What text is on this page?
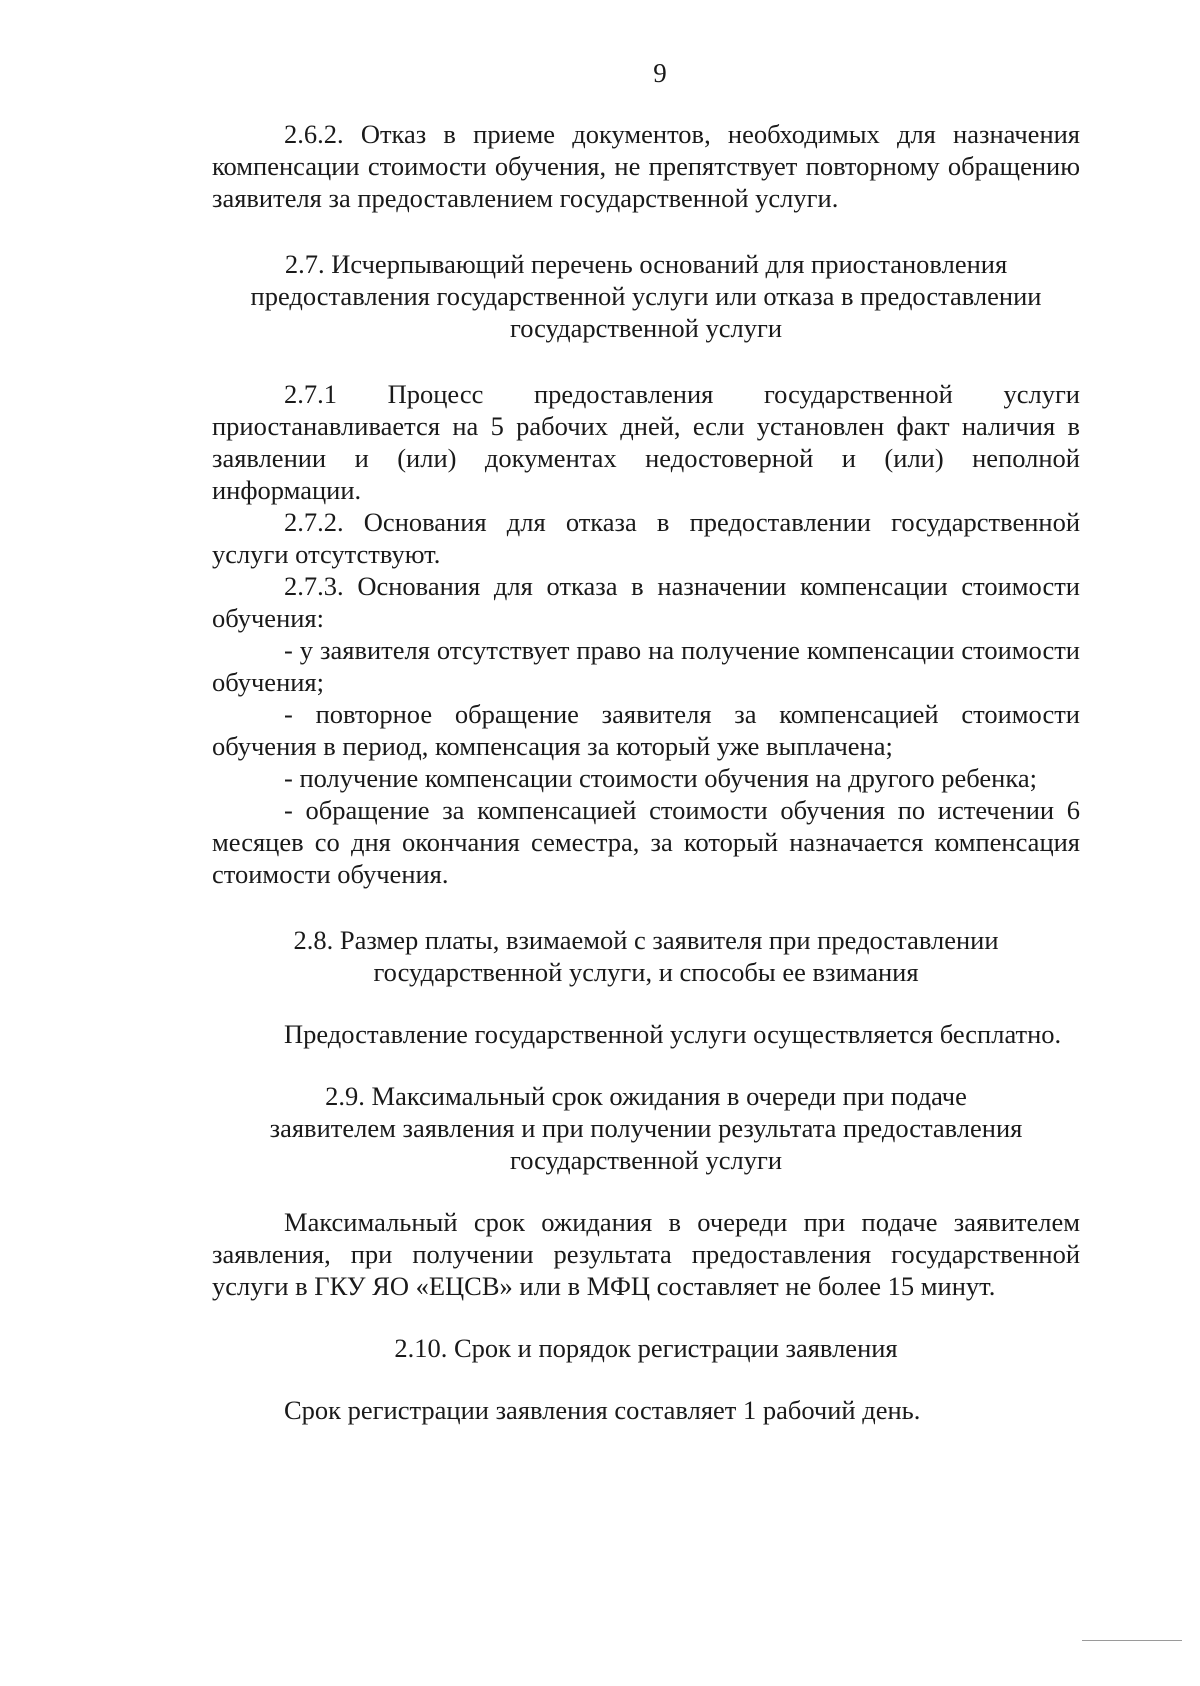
9

2.6.2. Отказ в приеме документов, необходимых для назначения компенсации стоимости обучения, не препятствует повторному обращению заявителя за предоставлением государственной услуги.

2.7. Исчерпывающий перечень оснований для приостановления
предоставления государственной услуги или отказа в предоставлении
государственной услуги
2.7.1 Процесс предоставления государственной услуги

приостанавливается на 5 рабочих дней, если установлен факт наличия в заявлении и (или) документах недостоверной и (или) неполной информации.

2.7.2. Основания для отказа в предоставлении государственной услуги отсутствуют.

2.7.3. Основания для отказа в назначении компенсации стоимости обучения:

- у заявителя отсутствует право на получение компенсации стоимости обучения;

- повторное обращение заявителя за компенсацией стоимости обучения в период, компенсация за который уже выплачена;

- получение компенсации стоимости обучения на другого ребенка;

- обращение за компенсацией стоимости обучения по истечении 6 месяцев со дня окончания семестра, за который назначается компенсация стоимости обучения.

2.8. Размер платы, взимаемой с заявителя при предоставлении
государственной услуги, и способы ее взимания

Предоставление государственной услуги осуществляется бесплатно.

2.9. Максимальный срок ожидания в очереди при подаче
заявителем заявления и при получении результата предоставления
государственной услуги

Максимальный срок ожидания в очереди при подаче заявителем заявления, при получении результата предоставления государственной услуги в ГКУ ЯО «ЕЦСВ» или в МФЦ составляет не более 15 минут.

2.10. Срок и порядок регистрации заявления

Срок регистрации заявления составляет 1 рабочий день.
